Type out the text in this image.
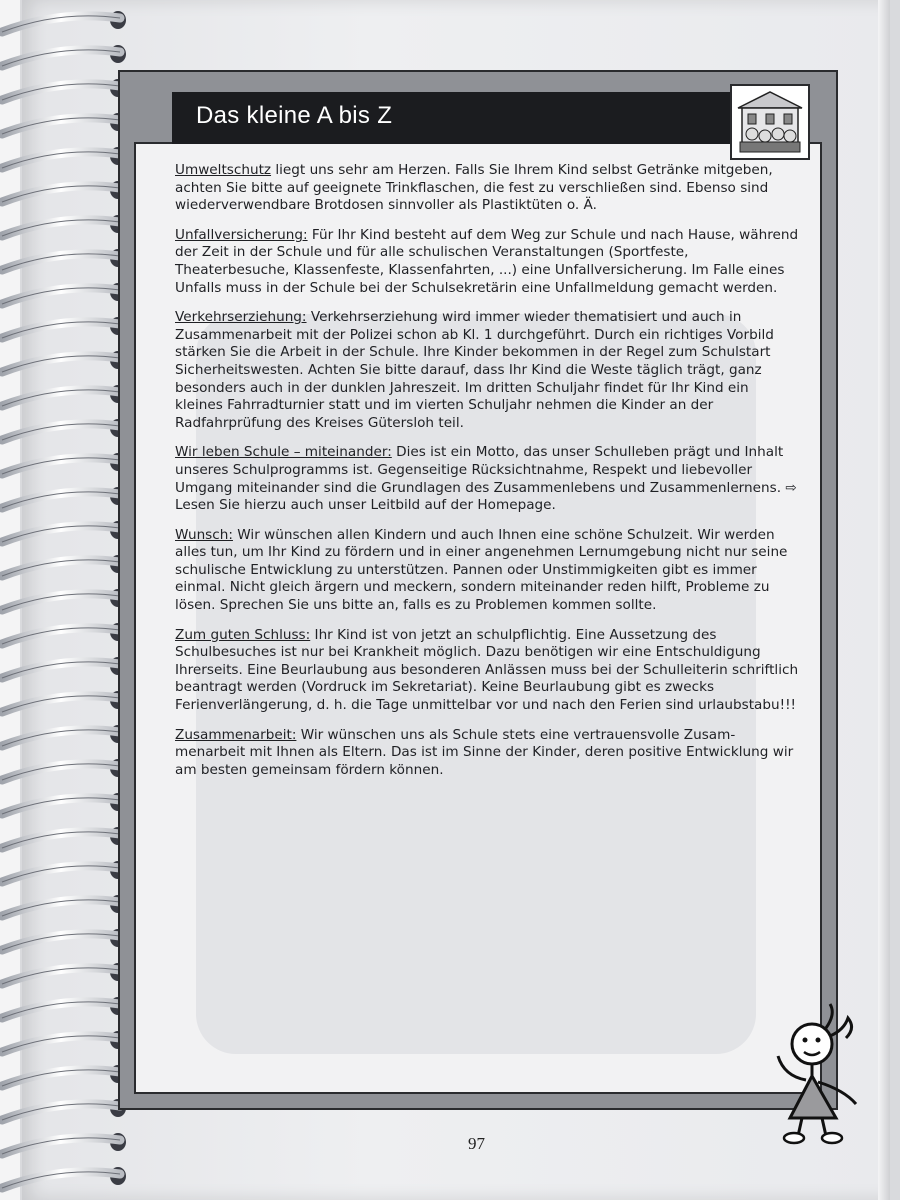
Das kleine A bis Z

Umweltschutz liegt uns sehr am Herzen. Falls Sie Ihrem Kind selbst Getränke mitgeben, achten Sie bitte auf geeignete Trinkflaschen, die fest zu verschließen sind. Ebenso sind wiederverwendbare Brotdosen sinnvoller als Plastiktüten o. Ä.

Unfallversicherung: Für Ihr Kind besteht auf dem Weg zur Schule und nach Hause, während der Zeit in der Schule und für alle schulischen Veranstaltungen (Sportfeste, Theaterbesuche, Klassenfeste, Klassenfahrten, ...) eine Unfallversicherung. Im Falle eines Unfalls muss in der Schule bei der Schulsekretärin eine Unfallmeldung gemacht werden.

Verkehrserziehung: Verkehrserziehung wird immer wieder thematisiert und auch in Zusammenarbeit mit der Polizei schon ab Kl. 1 durchgeführt. Durch ein richtiges Vorbild stärken Sie die Arbeit in der Schule. Ihre Kinder bekommen in der Regel zum Schulstart Sicherheitswesten. Achten Sie bitte darauf, dass Ihr Kind die Weste täglich trägt, ganz besonders auch in der dunklen Jahreszeit. Im dritten Schuljahr findet für Ihr Kind ein kleines Fahrradturnier statt und im vierten Schuljahr nehmen die Kinder an der Radfahrprüfung des Kreises Gütersloh teil.

Wir leben Schule – miteinander: Dies ist ein Motto, das unser Schulleben prägt und Inhalt unseres Schulprogramms ist. Gegenseitige Rücksichtnahme, Respekt und liebevoller Umgang miteinander sind die Grundlagen des Zusammenlebens und Zusammenlernens. ⇨ Lesen Sie hierzu auch unser Leitbild auf der Homepage.

Wunsch: Wir wünschen allen Kindern und auch Ihnen eine schöne Schulzeit. Wir werden alles tun, um Ihr Kind zu fördern und in einer angenehmen Lernumgebung nicht nur seine schulische Entwicklung zu unterstützen. Pannen oder Unstimmigkeiten gibt es immer einmal. Nicht gleich ärgern und meckern, sondern miteinander reden hilft, Probleme zu lösen. Sprechen Sie uns bitte an, falls es zu Problemen kommen sollte.

Zum guten Schluss: Ihr Kind ist von jetzt an schulpflichtig. Eine Aussetzung des Schulbesuches ist nur bei Krankheit möglich. Dazu benötigen wir eine Entschuldigung Ihrerseits. Eine Beurlaubung aus besonderen Anlässen muss bei der Schulleiterin schriftlich beantragt werden (Vordruck im Sekretariat). Keine Beurlaubung gibt es zwecks Ferienverlängerung, d. h. die Tage unmittelbar vor und nach den Ferien sind urlaubstabu!!!

Zusammenarbeit: Wir wünschen uns als Schule stets eine vertrauensvolle Zusammenarbeit mit Ihnen als Eltern. Das ist im Sinne der Kinder, deren positive Entwicklung wir am besten gemeinsam fördern können.

97
